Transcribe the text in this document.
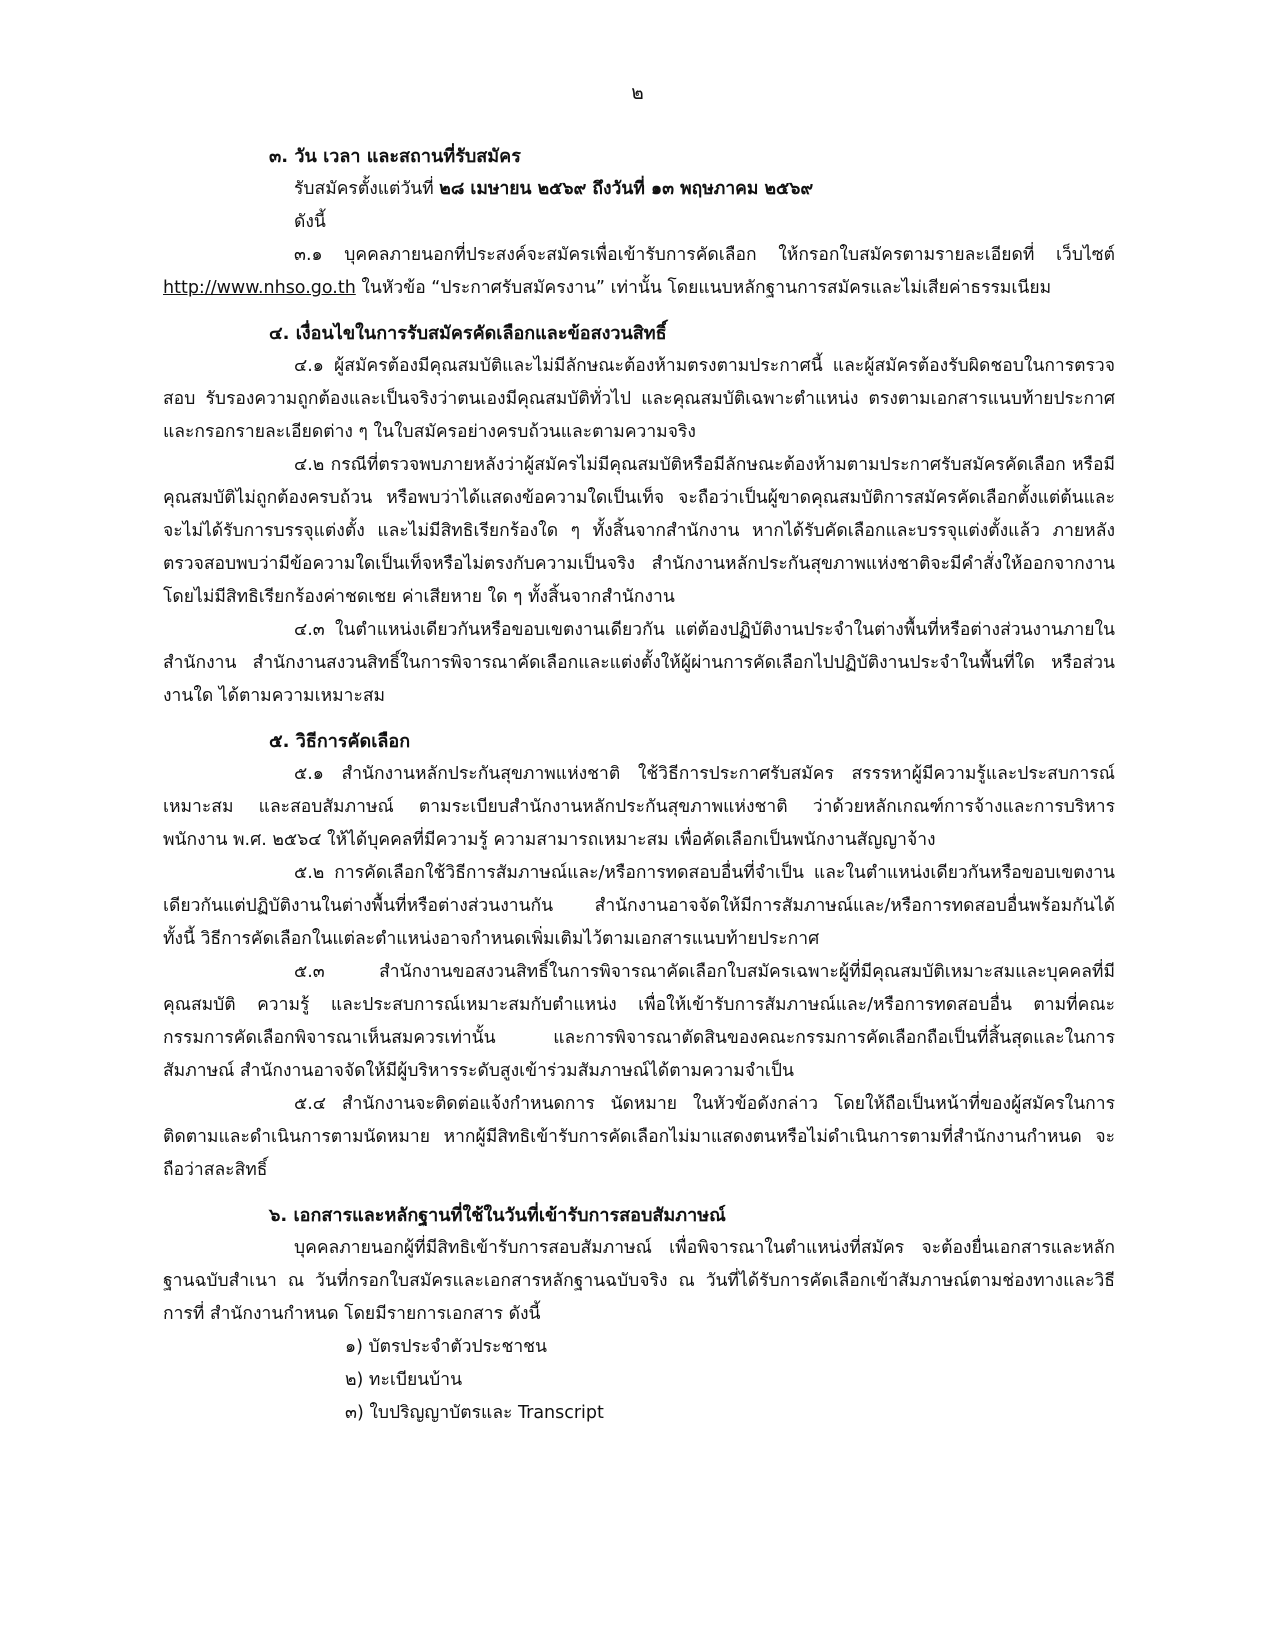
๒

๓. วัน เวลา และสถานที่รับสมัคร

รับสมัครตั้งแต่วันที่ ๒๘ เมษายน ๒๕๖๙ ถึงวันที่ ๑๓ พฤษภาคม ๒๕๖๙

ดังนี้

๓.๑ บุคคลภายนอกที่ประสงค์จะสมัครเพื่อเข้ารับการคัดเลือก ให้กรอกใบสมัครตามรายละเอียดที่ เว็บไซต์ http://www.nhso.go.th ในหัวข้อ “ประกาศรับสมัครงาน” เท่านั้น โดยแนบหลักฐานการสมัครและไม่เสียค่าธรรมเนียม

๔. เงื่อนไขในการรับสมัครคัดเลือกและข้อสงวนสิทธิ์

๔.๑ ผู้สมัครต้องมีคุณสมบัติและไม่มีลักษณะต้องห้ามตรงตามประกาศนี้ และผู้สมัครต้องรับผิดชอบในการตรวจสอบ รับรองความถูกต้องและเป็นจริงว่าตนเองมีคุณสมบัติทั่วไป และคุณสมบัติเฉพาะตำแหน่ง ตรงตามเอกสารแนบท้ายประกาศ และกรอกรายละเอียดต่าง ๆ ในใบสมัครอย่างครบถ้วนและตามความจริง

๔.๒ กรณีที่ตรวจพบภายหลังว่าผู้สมัครไม่มีคุณสมบัติหรือมีลักษณะต้องห้ามตามประกาศรับสมัครคัดเลือก หรือมีคุณสมบัติไม่ถูกต้องครบถ้วน หรือพบว่าได้แสดงข้อความใดเป็นเท็จ จะถือว่าเป็นผู้ขาดคุณสมบัติการสมัครคัดเลือกตั้งแต่ต้นและจะไม่ได้รับการบรรจุแต่งตั้ง และไม่มีสิทธิเรียกร้องใด ๆ ทั้งสิ้นจากสำนักงาน หากได้รับคัดเลือกและบรรจุแต่งตั้งแล้ว ภายหลังตรวจสอบพบว่ามีข้อความใดเป็นเท็จหรือไม่ตรงกับความเป็นจริง สำนักงานหลักประกันสุขภาพแห่งชาติจะมีคำสั่งให้ออกจากงาน โดยไม่มีสิทธิเรียกร้องค่าชดเชย ค่าเสียหาย ใด ๆ ทั้งสิ้นจากสำนักงาน

๔.๓ ในตำแหน่งเดียวกันหรือขอบเขตงานเดียวกัน แต่ต้องปฏิบัติงานประจำในต่างพื้นที่หรือต่างส่วนงานภายในสำนักงาน สำนักงานสงวนสิทธิ์ในการพิจารณาคัดเลือกและแต่งตั้งให้ผู้ผ่านการคัดเลือกไปปฏิบัติงานประจำในพื้นที่ใด หรือส่วนงานใด ได้ตามความเหมาะสม

๕. วิธีการคัดเลือก

๕.๑ สำนักงานหลักประกันสุขภาพแห่งชาติ ใช้วิธีการประกาศรับสมัคร สรรรหาผู้มีความรู้และประสบการณ์เหมาะสม และสอบสัมภาษณ์ ตามระเบียบสำนักงานหลักประกันสุขภาพแห่งชาติ ว่าด้วยหลักเกณฑ์การจ้างและการบริหารพนักงาน พ.ศ. ๒๕๖๔ ให้ได้บุคคลที่มีความรู้ ความสามารถเหมาะสม เพื่อคัดเลือกเป็นพนักงานสัญญาจ้าง

๕.๒ การคัดเลือกใช้วิธีการสัมภาษณ์และ/หรือการทดสอบอื่นที่จำเป็น และในตำแหน่งเดียวกันหรือขอบเขตงานเดียวกันแต่ปฏิบัติงานในต่างพื้นที่หรือต่างส่วนงานกัน สำนักงานอาจจัดให้มีการสัมภาษณ์และ/หรือการทดสอบอื่นพร้อมกันได้ ทั้งนี้ วิธีการคัดเลือกในแต่ละตำแหน่งอาจกำหนดเพิ่มเติมไว้ตามเอกสารแนบท้ายประกาศ

๕.๓ สำนักงานขอสงวนสิทธิ์ในการพิจารณาคัดเลือกใบสมัครเฉพาะผู้ที่มีคุณสมบัติเหมาะสมและบุคคลที่มีคุณสมบัติ ความรู้ และประสบการณ์เหมาะสมกับตำแหน่ง เพื่อให้เข้ารับการสัมภาษณ์และ/หรือการทดสอบอื่น ตามที่คณะกรรมการคัดเลือกพิจารณาเห็นสมควรเท่านั้น และการพิจารณาตัดสินของคณะกรรมการคัดเลือกถือเป็นที่สิ้นสุดและในการสัมภาษณ์ สำนักงานอาจจัดให้มีผู้บริหารระดับสูงเข้าร่วมสัมภาษณ์ได้ตามความจำเป็น

๕.๔ สำนักงานจะติดต่อแจ้งกำหนดการ นัดหมาย ในหัวข้อดังกล่าว โดยให้ถือเป็นหน้าที่ของผู้สมัครในการติดตามและดำเนินการตามนัดหมาย หากผู้มีสิทธิเข้ารับการคัดเลือกไม่มาแสดงตนหรือไม่ดำเนินการตามที่สำนักงานกำหนด จะถือว่าสละสิทธิ์

๖. เอกสารและหลักฐานที่ใช้ในวันที่เข้ารับการสอบสัมภาษณ์

บุคคลภายนอกผู้ที่มีสิทธิเข้ารับการสอบสัมภาษณ์ เพื่อพิจารณาในตำแหน่งที่สมัคร จะต้องยื่นเอกสารและหลักฐานฉบับสำเนา ณ วันที่กรอกใบสมัครและเอกสารหลักฐานฉบับจริง ณ วันที่ได้รับการคัดเลือกเข้าสัมภาษณ์ตามช่องทางและวิธีการที่ สำนักงานกำหนด โดยมีรายการเอกสาร ดังนี้

๑) บัตรประจำตัวประชาชน

๒) ทะเบียนบ้าน

๓) ใบปริญญาบัตรและ Transcript
